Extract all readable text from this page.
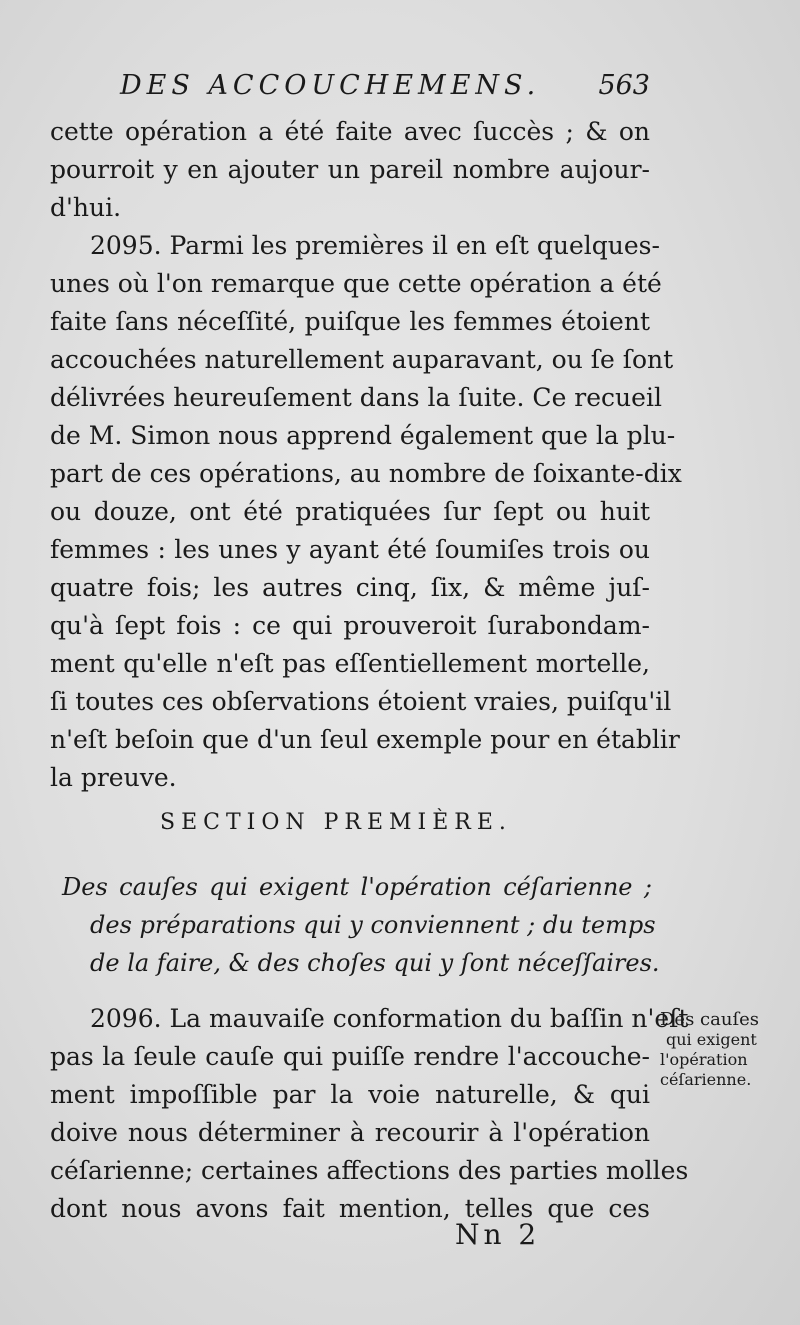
DES ACCOUCHEMENS. 563
cette opération a été faite avec ſuccès ; & on
pourroit y en ajouter un pareil nombre aujour-
d'hui.
2095. Parmi les premières il en eſt quelques-
unes où l'on remarque que cette opération a été
faite ſans néceſſité, puiſque les femmes étoient
accouchées naturellement auparavant, ou ſe ſont
délivrées heureuſement dans la ſuite. Ce recueil
de M. Simon nous apprend également que la plu-
part de ces opérations, au nombre de ſoixante-dix
ou douze, ont été pratiquées ſur ſept ou huit
femmes : les unes y ayant été ſoumiſes trois ou
quatre fois; les autres cinq, ſix, & même juſ-
qu'à ſept fois : ce qui prouveroit ſurabondam-
ment qu'elle n'eſt pas eſſentiellement mortelle,
ſi toutes ces obſervations étoient vraies, puiſqu'il
n'eſt beſoin que d'un ſeul exemple pour en établir
la preuve.
SECTION PREMIÈRE.
Des cauſes qui exigent l'opération céſarienne ;
des préparations qui y conviennent ; du temps
de la faire, & des choſes qui y ſont néceſſaires.
2096. La mauvaiſe conformation du baſſin n'eſt
pas la ſeule cauſe qui puiſſe rendre l'accouche-
ment impoſſible par la voie naturelle, & qui
doive nous déterminer à recourir à l'opération
céſarienne; certaines affections des parties molles
dont nous avons fait mention, telles que ces
Des cauſes
qui exigent
l'opération
céſarienne.
Nn 2
